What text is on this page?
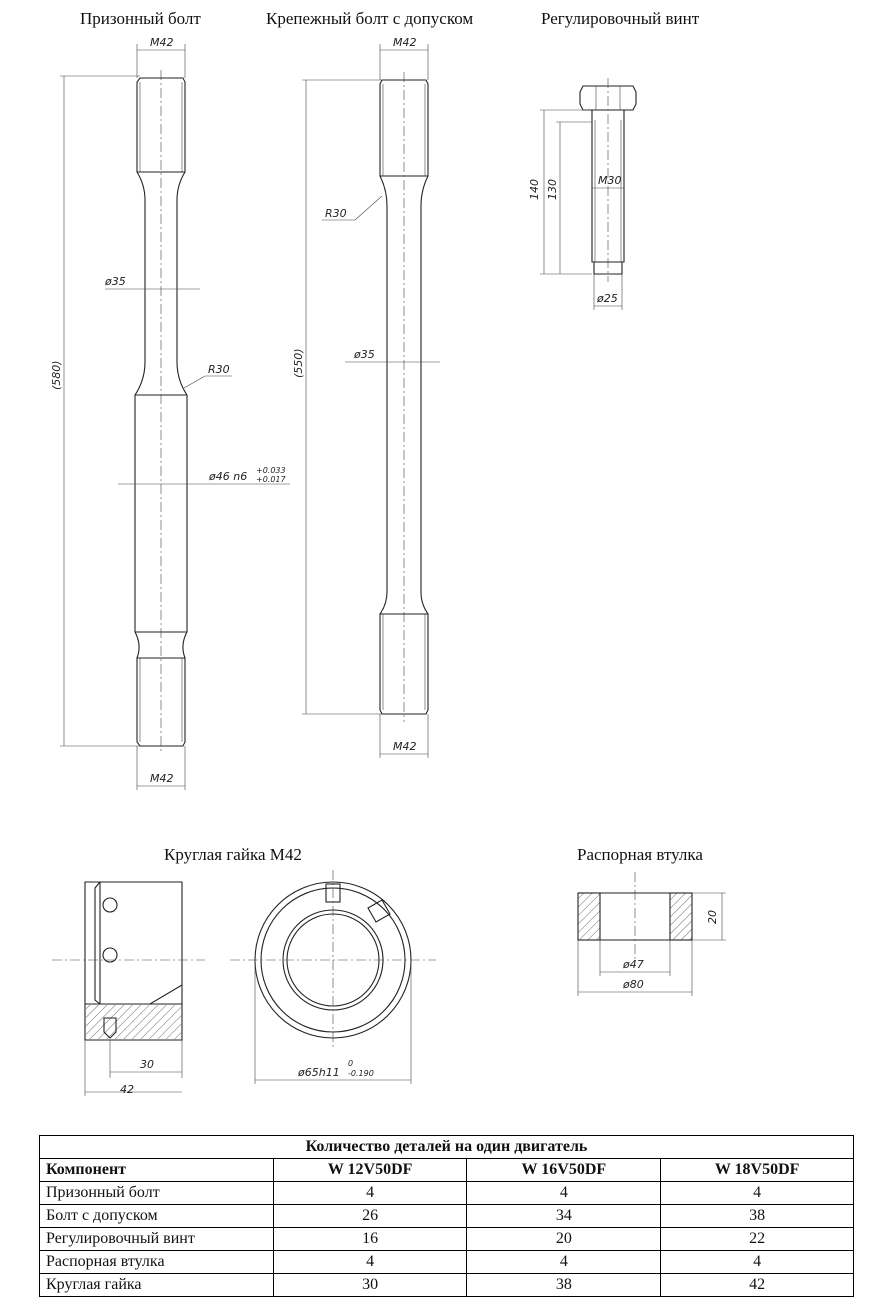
Призонный болт	Крепежный болт с допуском	Регулировочный винт
Круглая гайка M42	Распорная втулка
M42
(580)
ø35
R30
ø46 n6 +0.033
+0.017
M42
M42
(550)
R30
ø35
M42
140 130	M30
ø25
30
42
ø65h11
0
-0.190
20
ø47
ø80
Количество деталей на один двигатель			
Компонент	W 12V50DF	W 16V50DF	W 18V50DF
Призонный болт	4	4	4
Болт с допуском	26	34	38
Регулировочный винт	16	20	22
Распорная втулка	4	4	4
Круглая гайка	30	38	42
